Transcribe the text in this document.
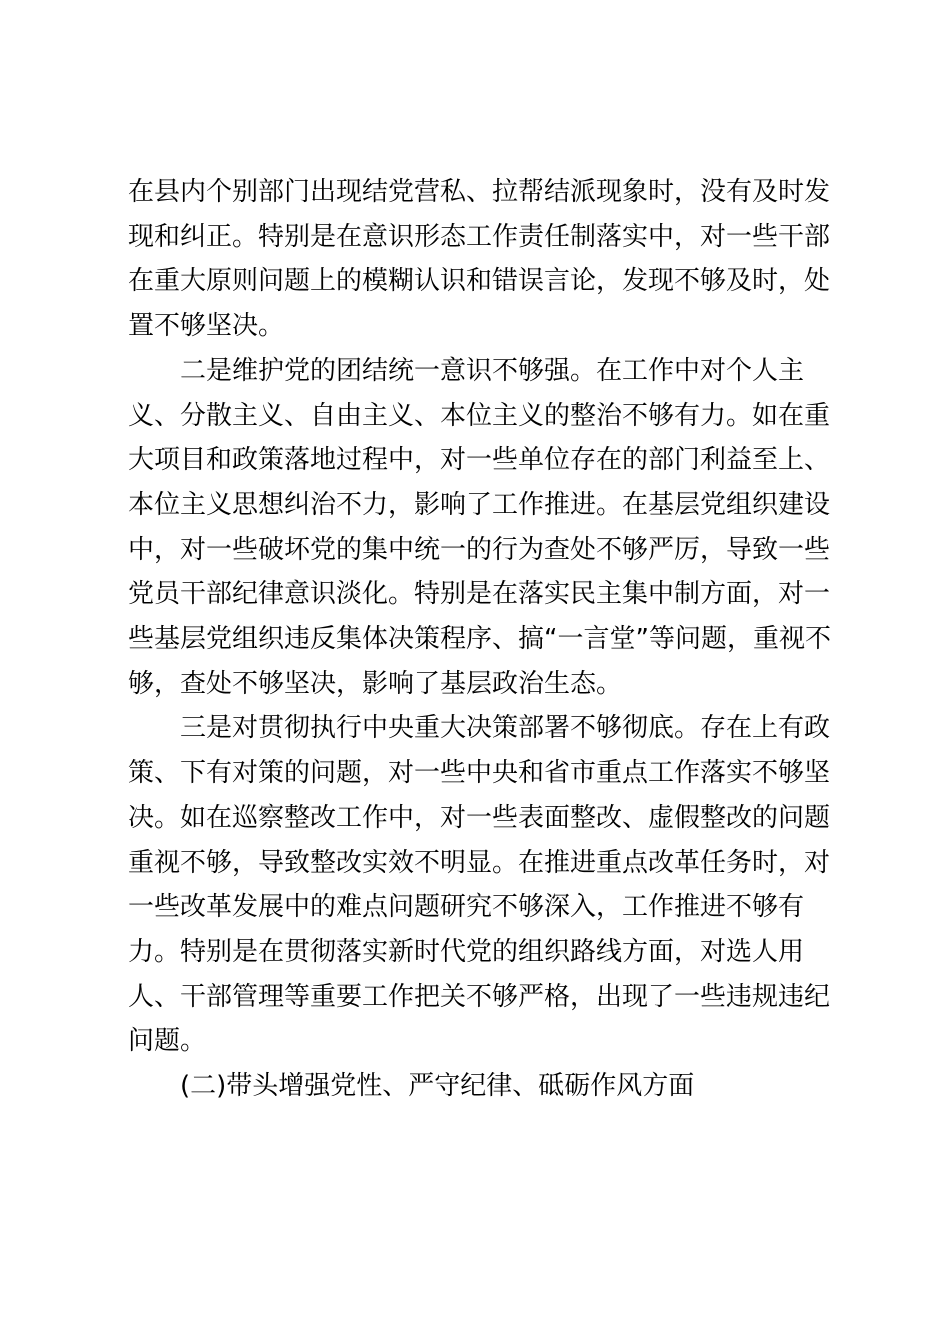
在县内个别部门出现结党营私、拉帮结派现象时，没有及时发
现和纠正。特别是在意识形态工作责任制落实中，对一些干部
在重大原则问题上的模糊认识和错误言论，发现不够及时，处
置不够坚决。

　　二是维护党的团结统一意识不够强。在工作中对个人主
义、分散主义、自由主义、本位主义的整治不够有力。如在重
大项目和政策落地过程中，对一些单位存在的部门利益至上、
本位主义思想纠治不力，影响了工作推进。在基层党组织建设
中，对一些破坏党的集中统一的行为查处不够严厉，导致一些
党员干部纪律意识淡化。特别是在落实民主集中制方面，对一
些基层党组织违反集体决策程序、搞“一言堂”等问题，重视不
够，查处不够坚决，影响了基层政治生态。

　　三是对贯彻执行中央重大决策部署不够彻底。存在上有政
策、下有对策的问题，对一些中央和省市重点工作落实不够坚
决。如在巡察整改工作中，对一些表面整改、虚假整改的问题
重视不够，导致整改实效不明显。在推进重点改革任务时，对
一些改革发展中的难点问题研究不够深入，工作推进不够有
力。特别是在贯彻落实新时代党的组织路线方面，对选人用
人、干部管理等重要工作把关不够严格，出现了一些违规违纪
问题。

　　(二)带头增强党性、严守纪律、砥砺作风方面
